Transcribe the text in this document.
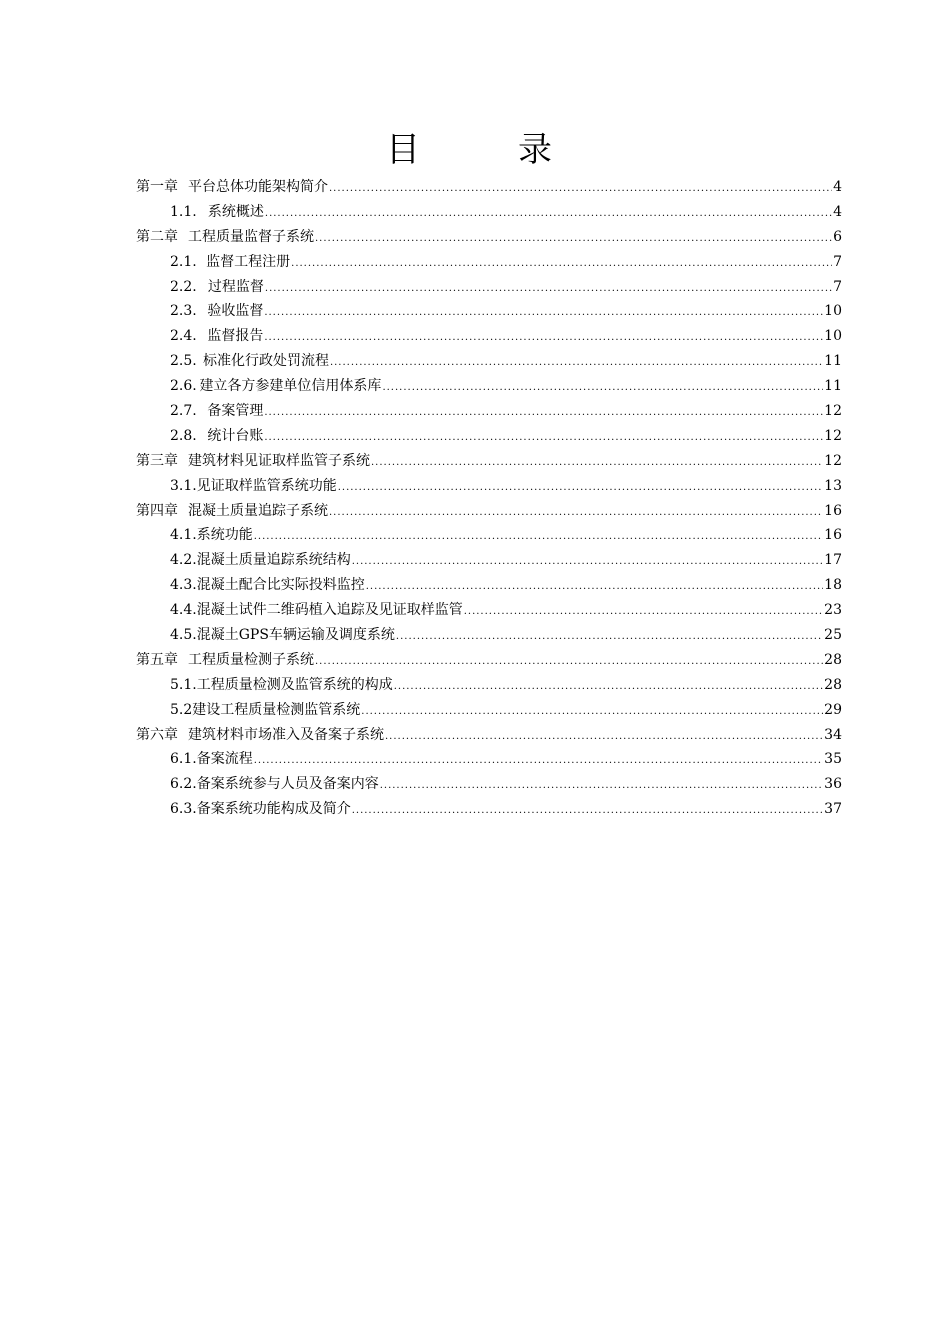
目　录
第一章 平台总体功能架构简介 .....	4
1.1. 系统概述 .....	4
第二章 工程质量监督子系统 .....	6
2.1. 监督工程注册 .....	7
2.2. 过程监督 .....	7
2.3. 验收监督 .....	10
2.4. 监督报告 .....	10
2.5. 标准化行政处罚流程 .....	11
2.6. 建立各方参建单位信用体系库 .....	11
2.7. 备案管理 .....	12
2.8. 统计台账 .....	12
第三章 建筑材料见证取样监管子系统 .....	12
3.1. 见证取样监管系统功能 .....	13
第四章 混凝土质量追踪子系统 .....	16
4.1. 系统功能 .....	16
4.2. 混凝土质量追踪系统结构 .....	17
4.3. 混凝土配合比实际投料监控 .....	18
4.4. 混凝土试件二维码植入追踪及见证取样监管 .....	23
4.5. 混凝土GPS车辆运输及调度系统 .....	25
第五章 工程质量检测子系统 .....	28
5.1. 工程质量检测及监管系统的构成 .....	28
5.2 建设工程质量检测监管系统 .....	29
第六章 建筑材料市场准入及备案子系统 .....	34
6.1. 备案流程 .....	35
6.2. 备案系统参与人员及备案内容 .....	36
6.3. 备案系统功能构成及简介 .....	37
